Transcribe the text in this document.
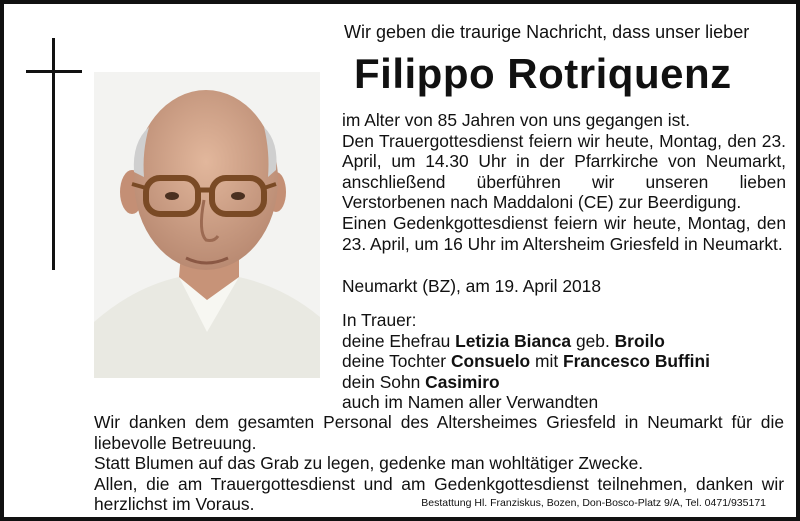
Wir geben die traurige Nachricht, dass unser lieber
Filippo Rotriquenz

im Alter von 85 Jahren von uns gegangen ist.

Den Trauergottesdienst feiern wir heute, Montag, den 23. April, um 14.30 Uhr in der Pfarrkirche von Neumarkt, anschließend überführen wir unseren lieben Verstorbenen nach Maddaloni (CE) zur Beerdigung.

Einen Gedenkgottesdienst feiern wir heute, Montag, den 23. April, um 16 Uhr im Altersheim Griesfeld in Neumarkt.

Neumarkt (BZ), am 19. April 2018
In Trauer:
deine Ehefrau Letizia Bianca geb. Broilo
deine Tochter Consuelo mit Francesco Buffini
dein Sohn Casimiro
auch im Namen aller Verwandten

Wir danken dem gesamten Personal des Altersheimes Griesfeld in Neumarkt für die liebevolle Betreuung.

Statt Blumen auf das Grab zu legen, gedenke man wohltätiger Zwecke.

Allen, die am Trauergottesdienst und am Gedenkgottesdienst teilnehmen, danken wir herzlichst im Voraus.	Bestattung Hl. Franziskus, Bozen, Don-Bosco-Platz 9/A, Tel. 0471/935171
